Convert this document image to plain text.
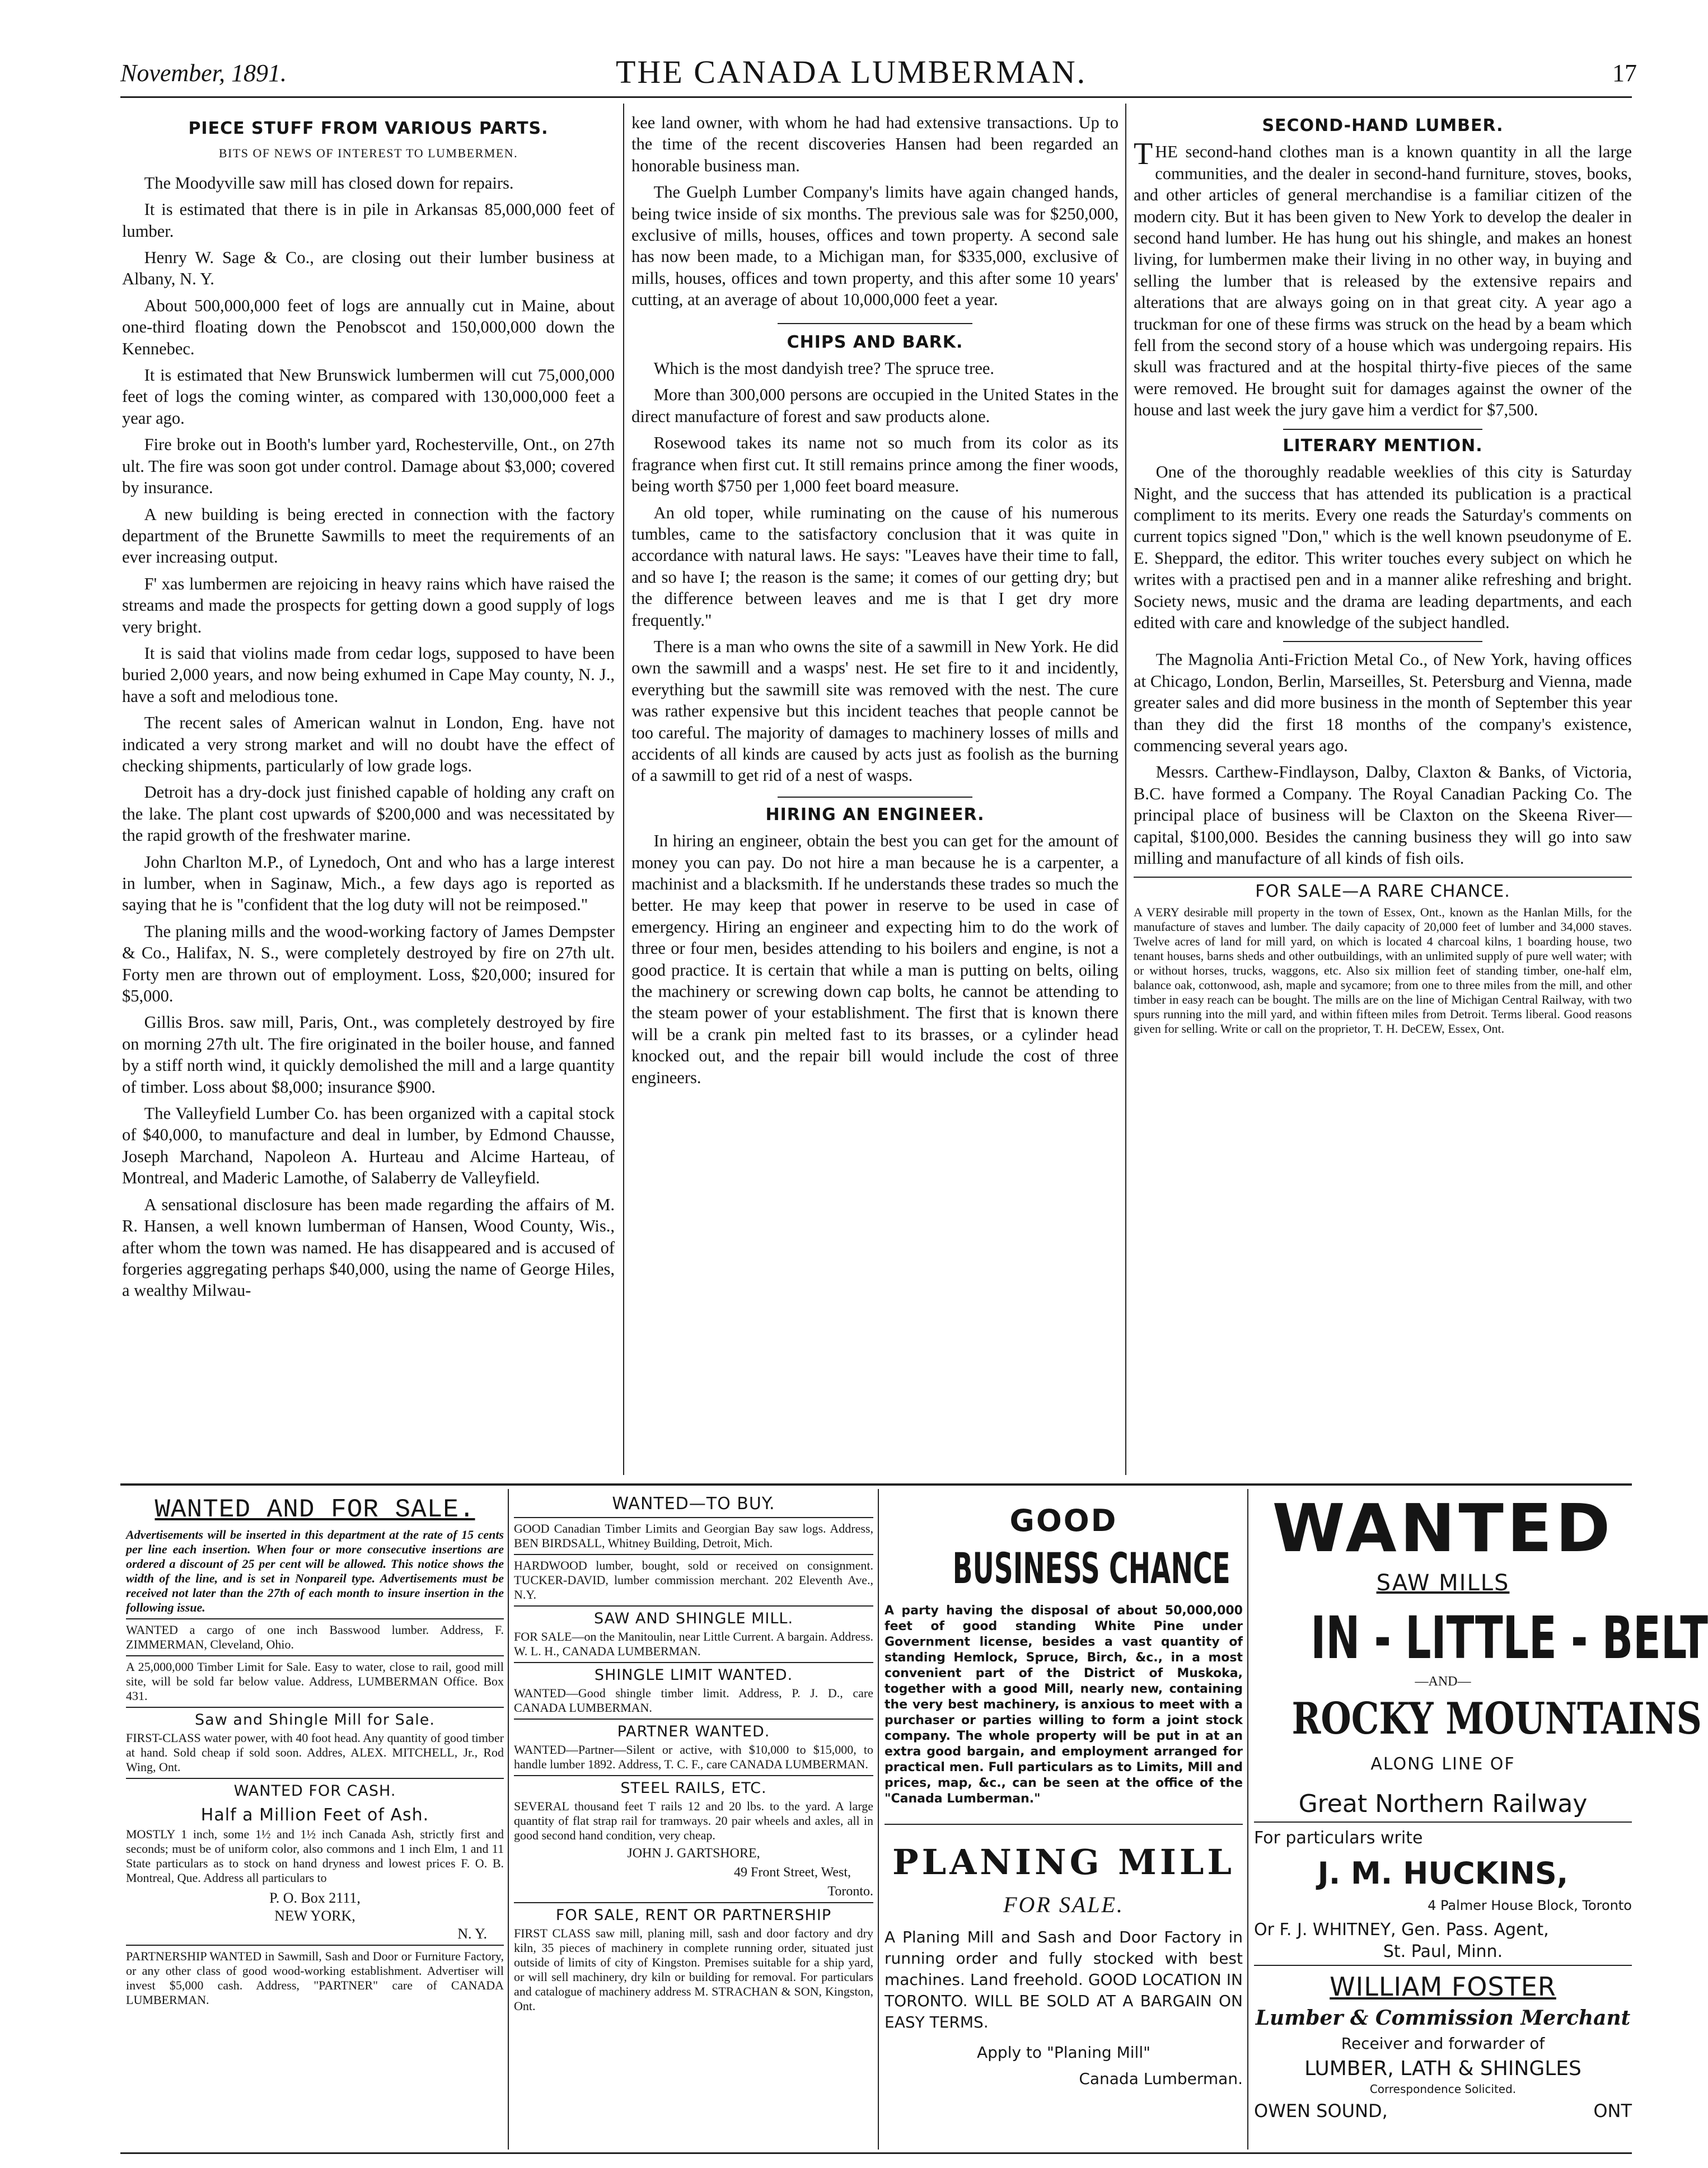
November, 1891.	THE CANADA LUMBERMAN.	17
PIECE STUFF FROM VARIOUS PARTS.
BITS OF NEWS OF INTEREST TO LUMBERMEN.

The Moodyville saw mill has closed down for repairs.

It is estimated that there is in pile in Arkansas 85,000,000 feet of lumber.

Henry W. Sage & Co., are closing out their lumber business at Albany, N. Y.

About 500,000,000 feet of logs are annually cut in Maine, about one-third floating down the Penobscot and 150,000,000 down the Kennebec.

It is estimated that New Brunswick lumbermen will cut 75,000,000 feet of logs the coming winter, as compared with 130,000,000 feet a year ago.

Fire broke out in Booth's lumber yard, Rochesterville, Ont., on 27th ult. The fire was soon got under control. Damage about $3,000; covered by insurance.

A new building is being erected in connection with the factory department of the Brunette Sawmills to meet the requirements of an ever increasing output.

F' xas lumbermen are rejoicing in heavy rains which have raised the streams and made the prospects for getting down a good supply of logs very bright.

It is said that violins made from cedar logs, supposed to have been buried 2,000 years, and now being exhumed in Cape May county, N. J., have a soft and melodious tone.

The recent sales of American walnut in London, Eng. have not indicated a very strong market and will no doubt have the effect of checking shipments, particularly of low grade logs.

Detroit has a dry-dock just finished capable of holding any craft on the lake. The plant cost upwards of $200,000 and was necessitated by the rapid growth of the freshwater marine.

John Charlton M.P., of Lynedoch, Ont and who has a large interest in lumber, when in Saginaw, Mich., a few days ago is reported as saying that he is "confident that the log duty will not be reimposed."

The planing mills and the wood-working factory of James Dempster & Co., Halifax, N. S., were completely destroyed by fire on 27th ult. Forty men are thrown out of employment. Loss, $20,000; insured for $5,000.

Gillis Bros. saw mill, Paris, Ont., was completely destroyed by fire on morning 27th ult. The fire originated in the boiler house, and fanned by a stiff north wind, it quickly demolished the mill and a large quantity of timber. Loss about $8,000; insurance $900.

The Valleyfield Lumber Co. has been organized with a capital stock of $40,000, to manufacture and deal in lumber, by Edmond Chausse, Joseph Marchand, Napoleon A. Hurteau and Alcime Harteau, of Montreal, and Maderic Lamothe, of Salaberry de Valleyfield.

A sensational disclosure has been made regarding the affairs of M. R. Hansen, a well known lumberman of Hansen, Wood County, Wis., after whom the town was named. He has disappeared and is accused of forgeries aggregating perhaps $40,000, using the name of George Hiles, a wealthy Milwau-

kee land owner, with whom he had had extensive transactions. Up to the time of the recent discoveries Hansen had been regarded an honorable business man.

The Guelph Lumber Company's limits have again changed hands, being twice inside of six months. The previous sale was for $250,000, exclusive of mills, houses, offices and town property. A second sale has now been made, to a Michigan man, for $335,000, exclusive of mills, houses, offices and town property, and this after some 10 years' cutting, at an average of about 10,000,000 feet a year.

CHIPS AND BARK.

Which is the most dandyish tree? The spruce tree.

More than 300,000 persons are occupied in the United States in the direct manufacture of forest and saw products alone.

Rosewood takes its name not so much from its color as its fragrance when first cut. It still remains prince among the finer woods, being worth $750 per 1,000 feet board measure.

An old toper, while ruminating on the cause of his numerous tumbles, came to the satisfactory conclusion that it was quite in accordance with natural laws. He says: "Leaves have their time to fall, and so have I; the reason is the same; it comes of our getting dry; but the difference between leaves and me is that I get dry more frequently."

There is a man who owns the site of a sawmill in New York. He did own the sawmill and a wasps' nest. He set fire to it and incidently, everything but the sawmill site was removed with the nest. The cure was rather expensive but this incident teaches that people cannot be too careful. The majority of damages to machinery losses of mills and accidents of all kinds are caused by acts just as foolish as the burning of a sawmill to get rid of a nest of wasps.

HIRING AN ENGINEER.

In hiring an engineer, obtain the best you can get for the amount of money you can pay. Do not hire a man because he is a carpenter, a machinist and a blacksmith. If he understands these trades so much the better. He may keep that power in reserve to be used in case of emergency. Hiring an engineer and expecting him to do the work of three or four men, besides attending to his boilers and engine, is not a good practice. It is certain that while a man is putting on belts, oiling the machinery or screwing down cap bolts, he cannot be attending to the steam power of your establishment. The first that is known there will be a crank pin melted fast to its brasses, or a cylinder head knocked out, and the repair bill would include the cost of three engineers.

SECOND-HAND LUMBER.

THE second-hand clothes man is a known quantity in all the large communities, and the dealer in second-hand furniture, stoves, books, and other articles of general merchandise is a familiar citizen of the modern city. But it has been given to New York to develop the dealer in second hand lumber. He has hung out his shingle, and makes an honest living, for lumbermen make their living in no other way, in buying and selling the lumber that is released by the extensive repairs and alterations that are always going on in that great city. A year ago a truckman for one of these firms was struck on the head by a beam which fell from the second story of a house which was undergoing repairs. His skull was fractured and at the hospital thirty-five pieces of the same were removed. He brought suit for damages against the owner of the house and last week the jury gave him a verdict for $7,500.

LITERARY MENTION.

One of the thoroughly readable weeklies of this city is Saturday Night, and the success that has attended its publication is a practical compliment to its merits. Every one reads the Saturday's comments on current topics signed "Don," which is the well known pseudonyme of E. E. Sheppard, the editor. This writer touches every subject on which he writes with a practised pen and in a manner alike refreshing and bright. Society news, music and the drama are leading departments, and each edited with care and knowledge of the subject handled.

The Magnolia Anti-Friction Metal Co., of New York, having offices at Chicago, London, Berlin, Marseilles, St. Petersburg and Vienna, made greater sales and did more business in the month of September this year than they did the first 18 months of the company's existence, commencing several years ago.

Messrs. Carthew-Findlayson, Dalby, Claxton & Banks, of Victoria, B.C. have formed a Company. The Royal Canadian Packing Co. The principal place of business will be Claxton on the Skeena River—capital, $100,000. Besides the canning business they will go into saw milling and manufacture of all kinds of fish oils.

FOR SALE—A RARE CHANCE.
A VERY desirable mill property in the town of Essex, Ont., known as the Hanlan Mills, for the manufacture of staves and lumber. The daily capacity of 20,000 feet of lumber and 34,000 staves. Twelve acres of land for mill yard, on which is located 4 charcoal kilns, 1 boarding house, two tenant houses, barns sheds and other outbuildings, with an unlimited supply of pure well water; with or without horses, trucks, waggons, etc. Also six million feet of standing timber, one-half elm, balance oak, cottonwood, ash, maple and sycamore; from one to three miles from the mill, and other timber in easy reach can be bought. The mills are on the line of Michigan Central Railway, with two spurs running into the mill yard, and within fifteen miles from Detroit. Terms liberal. Good reasons given for selling. Write or call on the proprietor, T. H. DeCEW, Essex, Ont.
WANTED AND FOR SALE.
Advertisements will be inserted in this department at the rate of 15 cents per line each insertion. When four or more consecutive insertions are ordered a discount of 25 per cent will be allowed. This notice shows the width of the line, and is set in Nonpareil type. Advertisements must be received not later than the 27th of each month to insure insertion in the following issue.
WANTED a cargo of one inch Basswood lumber. Address, F. ZIMMERMAN, Cleveland, Ohio.
A 25,000,000 Timber Limit for Sale. Easy to water, close to rail, good mill site, will be sold far below value. Address, LUMBERMAN Office. Box 431.
Saw and Shingle Mill for Sale.
FIRST-CLASS water power, with 40 foot head. Any quantity of good timber at hand. Sold cheap if sold soon. Addres, ALEX. MITCHELL, Jr., Rod Wing, Ont.
WANTED FOR CASH.
Half a Million Feet of Ash.
MOSTLY 1 inch, some 1½ and 1½ inch Canada Ash, strictly first and seconds; must be of uniform color, also commons and 1 inch Elm, 1 and 11 State particulars as to stock on hand dryness and lowest prices F. O. B. Montreal, Que. Address all particulars to
P. O. Box 2111,
NEW YORK,
N. Y.
PARTNERSHIP WANTED in Sawmill, Sash and Door or Furniture Factory, or any other class of good wood-working establishment. Advertiser will invest $5,000 cash. Address, "PARTNER" care of CANADA LUMBERMAN.
WANTED—TO BUY.
GOOD Canadian Timber Limits and Georgian Bay saw logs. Address, BEN BIRDSALL, Whitney Building, Detroit, Mich.
HARDWOOD lumber, bought, sold or received on consignment. TUCKER-DAVID, lumber commission merchant. 202 Eleventh Ave., N.Y.
SAW AND SHINGLE MILL.
FOR SALE—on the Manitoulin, near Little Current. A bargain. Address. W. L. H., CANADA LUMBERMAN.
SHINGLE LIMIT WANTED.
WANTED—Good shingle timber limit. Address, P. J. D., care CANADA LUMBERMAN.
PARTNER WANTED.
WANTED—Partner—Silent or active, with $10,000 to $15,000, to handle lumber 1892. Address, T. C. F., care CANADA LUMBERMAN.
STEEL RAILS, ETC.
SEVERAL thousand feet T rails 12 and 20 lbs. to the yard. A large quantity of flat strap rail for tramways. 20 pair wheels and axles, all in good second hand condition, very cheap.
JOHN J. GARTSHORE,
49 Front Street, West,
Toronto.
FOR SALE, RENT OR PARTNERSHIP
FIRST CLASS saw mill, planing mill, sash and door factory and dry kiln, 35 pieces of machinery in complete running order, situated just outside of limits of city of Kingston. Premises suitable for a ship yard, or will sell machinery, dry kiln or building for removal. For particulars and catalogue of machinery address M. STRACHAN & SON, Kingston, Ont.
GOOD
BUSINESS CHANCE
A party having the disposal of about 50,000,000 feet of good standing White Pine under Government license, besides a vast quantity of standing Hemlock, Spruce, Birch, &c., in a most convenient part of the District of Muskoka, together with a good Mill, nearly new, containing the very best machinery, is anxious to meet with a purchaser or parties willing to form a joint stock company. The whole property will be put in at an extra good bargain, and employment arranged for practical men. Full particulars as to Limits, Mill and prices, map, &c., can be seen at the office of the "Canada Lumberman."
PLANING MILL
FOR SALE.
A Planing Mill and Sash and Door Factory in running order and fully stocked with best machines. Land freehold. GOOD LOCATION IN TORONTO. WILL BE SOLD AT A BARGAIN ON EASY TERMS.
Apply to "Planing Mill"
Canada Lumberman.
WANTED
SAW MILLS
IN - LITTLE - BELT
—AND—
ROCKY MOUNTAINS
ALONG LINE OF
Great Northern Railway
For particulars write
J. M. HUCKINS,
4 Palmer House Block, Toronto
Or F. J. WHITNEY, Gen. Pass. Agent,
St. Paul, Minn.
WILLIAM FOSTER
Lumber & Commission Merchant
Receiver and forwarder of
LUMBER, LATH & SHINGLES
Correspondence Solicited.
OWEN SOUND,	ONT
